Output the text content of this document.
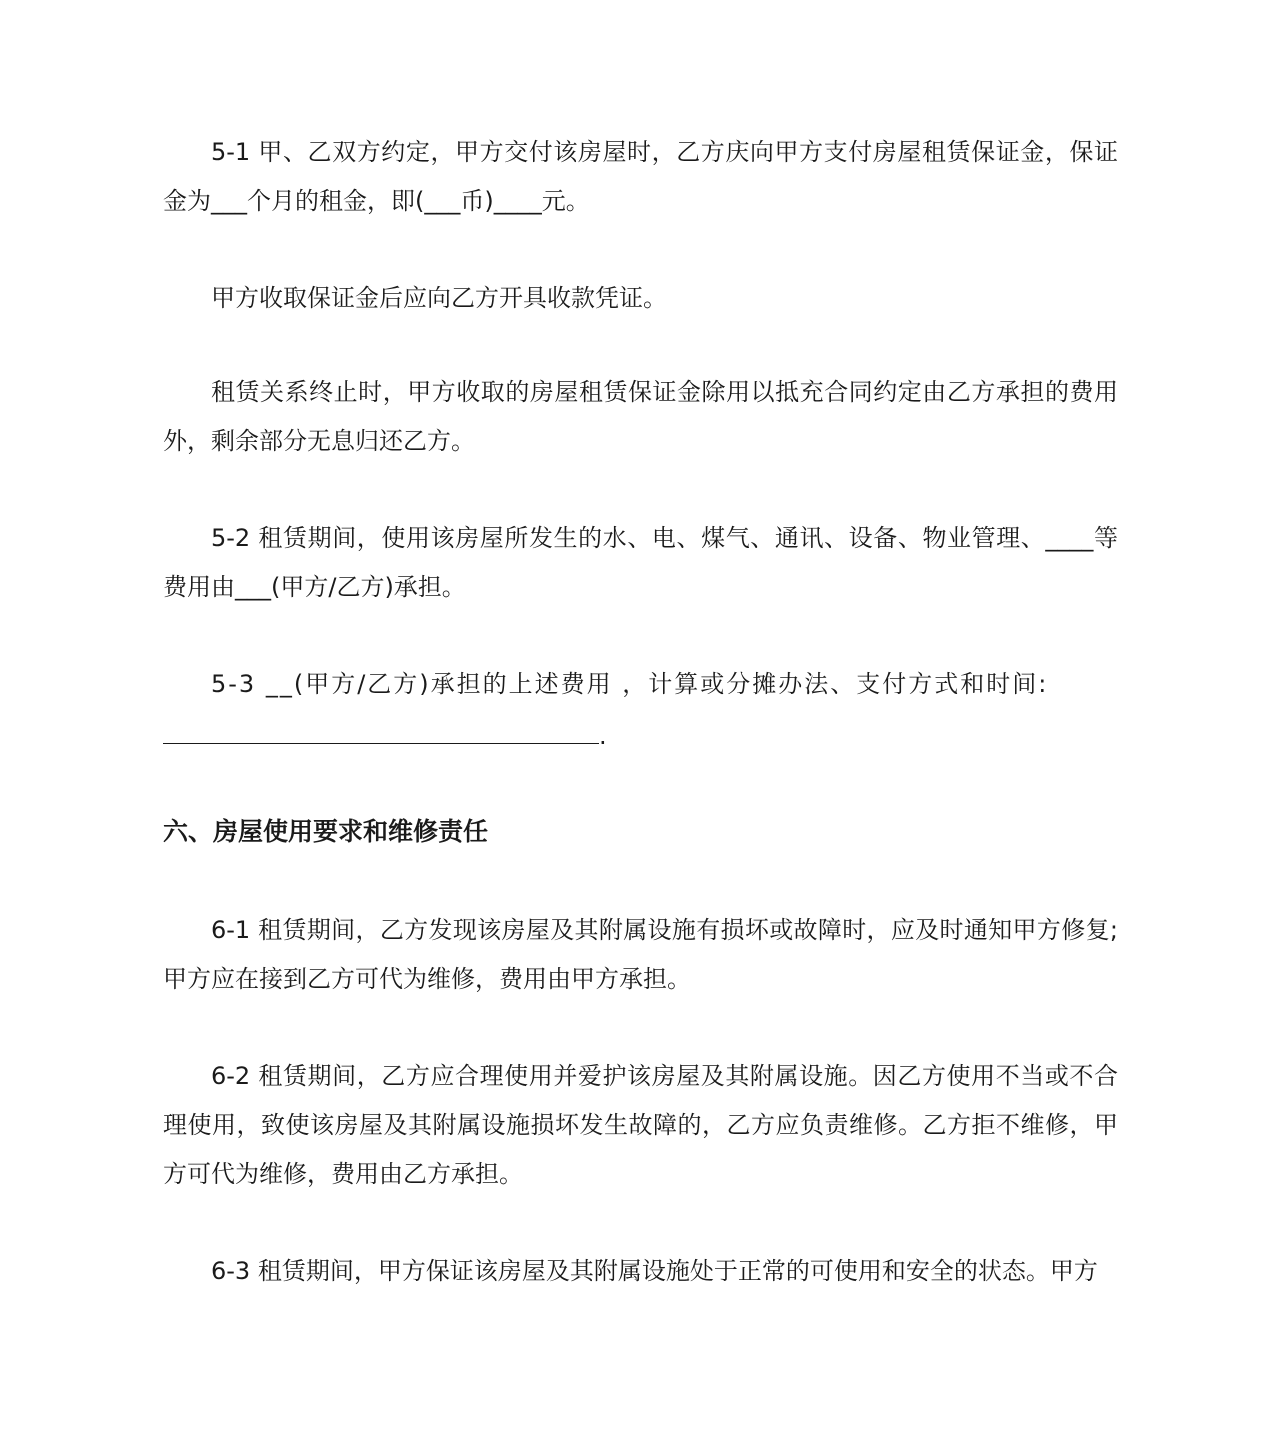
5-1 甲、乙双方约定，甲方交付该房屋时，乙方庆向甲方支付房屋租赁保证金，保证金为___个月的租金，即(___币)____元。

甲方收取保证金后应向乙方开具收款凭证。

租赁关系终止时，甲方收取的房屋租赁保证金除用以抵充合同约定由乙方承担的费用外，剩余部分无息归还乙方。

5-2 租赁期间，使用该房屋所发生的水、电、煤气、通讯、设备、物业管理、____等费用由___(甲方/乙方)承担。

5-3 __(甲方/乙方)承担的上述费用 ，计算或分摊办法、支付方式和时间:

.

六、房屋使用要求和维修责任

6-1 租赁期间，乙方发现该房屋及其附属设施有损坏或故障时，应及时通知甲方修复;甲方应在接到乙方可代为维修，费用由甲方承担。

6-2 租赁期间，乙方应合理使用并爱护该房屋及其附属设施。因乙方使用不当或不合理使用，致使该房屋及其附属设施损坏发生故障的，乙方应负责维修。乙方拒不维修，甲方可代为维修，费用由乙方承担。

6-3 租赁期间，甲方保证该房屋及其附属设施处于正常的可使用和安全的状态。甲方
